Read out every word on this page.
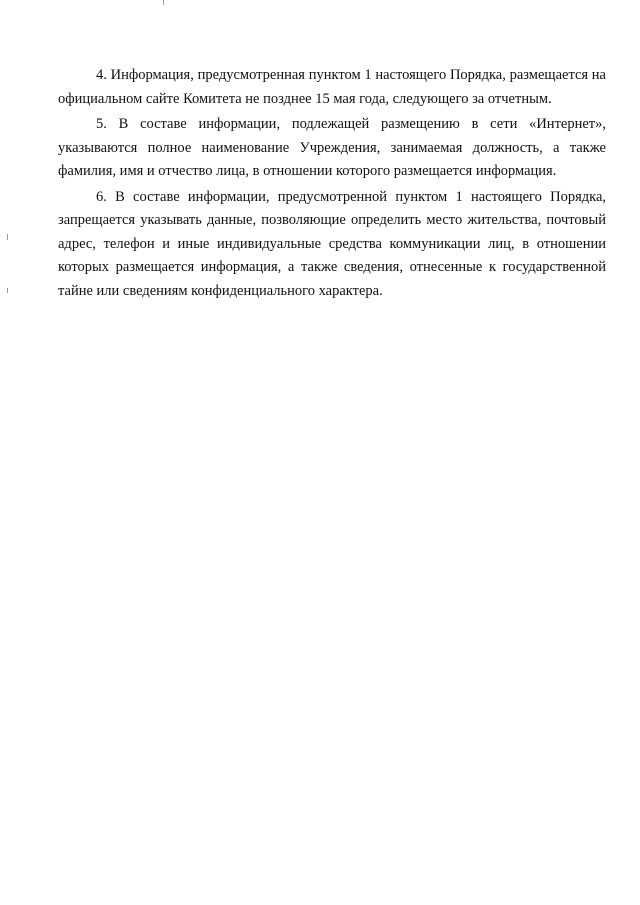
4. Информация, предусмотренная пунктом 1 настоящего Порядка, размещается на официальном сайте Комитета не позднее 15 мая года, следующего за отчетным.

5. В составе информации, подлежащей размещению в сети «Интернет», указываются полное наименование Учреждения, занимаемая должность, а также фамилия, имя и отчество лица, в отношении которого размещается информация.

6. В составе информации, предусмотренной пунктом 1 настоящего Порядка, запрещается указывать данные, позволяющие определить место жительства, почтовый адрес, телефон и иные индивидуальные средства коммуникации лиц, в отношении которых размещается информация, а также сведения, отнесенные к государственной тайне или сведениям конфиденциального характера.
